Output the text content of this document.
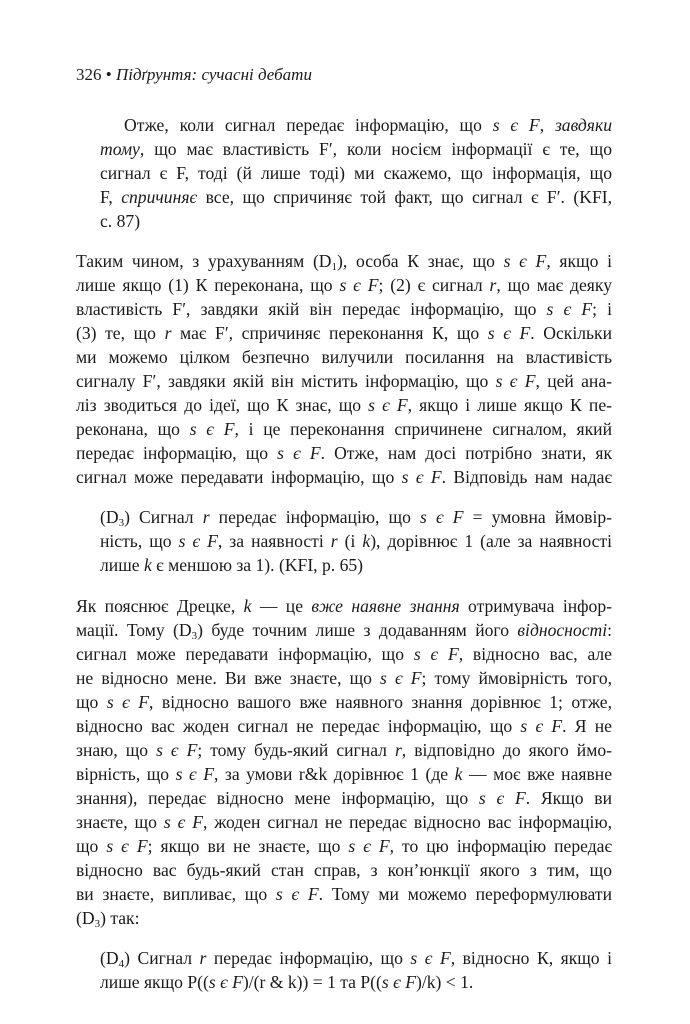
326 • Підґрунтя: сучасні дебати
Отже, коли сигнал передає інформацію, що s є F, завдяки
тому, що має властивість F′, коли носієм інформації є те, що
сигнал є F, тоді (й лише тоді) ми скажемо, що інформація, що
F, спричиняє все, що спричиняє той факт, що сигнал є F′. (KFI,
с. 87)
Таким чином, з урахуванням $(D_1)$, особа К знає, що s є F, якщо і
лише якщо (1) К переконана, що s є F; (2) є сигнал r, що має деяку
властивість F′, завдяки якій він передає інформацію, що s є F; і
(3) те, що r має F′, спричиняє переконання К, що s є F. Оскільки
ми можемо цілком безпечно вилучили посилання на властивість
сигналу F′, завдяки якій він містить інформацію, що s є F, цей ана-
ліз зводиться до ідеї, що К знає, що s є F, якщо і лише якщо К пе-
реконана, що s є F, і це переконання спричинене сигналом, який
передає інформацію, що s є F. Отже, нам досі потрібно знати, як
сигнал може передавати інформацію, що s є F. Відповідь нам надає
$(D_3)$ Сигнал r передає інформацію, що s є F = умовна ймовір-
ність, що s є F, за наявності r (і k), дорівнює 1 (але за наявності
лише k є меншою за 1). (KFI, p. 65)
Як пояснює Дрецке, k — це вже наявне знання отримувача інфор-
мації. Тому $(D_3)$ буде точним лише з додаванням його відносності:
сигнал може передавати інформацію, що s є F, відносно вас, але
не відносно мене. Ви вже знаєте, що s є F; тому ймовірність того,
що s є F, відносно вашого вже наявного знання дорівнює 1; отже,
відносно вас жоден сигнал не передає інформацію, що s є F. Я не
знаю, що s є F; тому будь-який сигнал r, відповідно до якого ймо-
вірність, що s є F, за умови r&k дорівнює 1 (де k — моє вже наявне
знання), передає відносно мене інформацію, що s є F. Якщо ви
знаєте, що s є F, жоден сигнал не передає відносно вас інформацію,
що s є F; якщо ви не знаєте, що s є F, то цю інформацію передає
відносно вас будь-який стан справ, з кон’юнкції якого з тим, що
ви знаєте, випливає, що s є F. Тому ми можемо переформулювати
$(D_3)$ так:
$(D_4)$ Сигнал r передає інформацію, що s є F, відносно К, якщо і
лише якщо P((s є F)/(r & k)) = 1 та P((s є F)/k) < 1.
